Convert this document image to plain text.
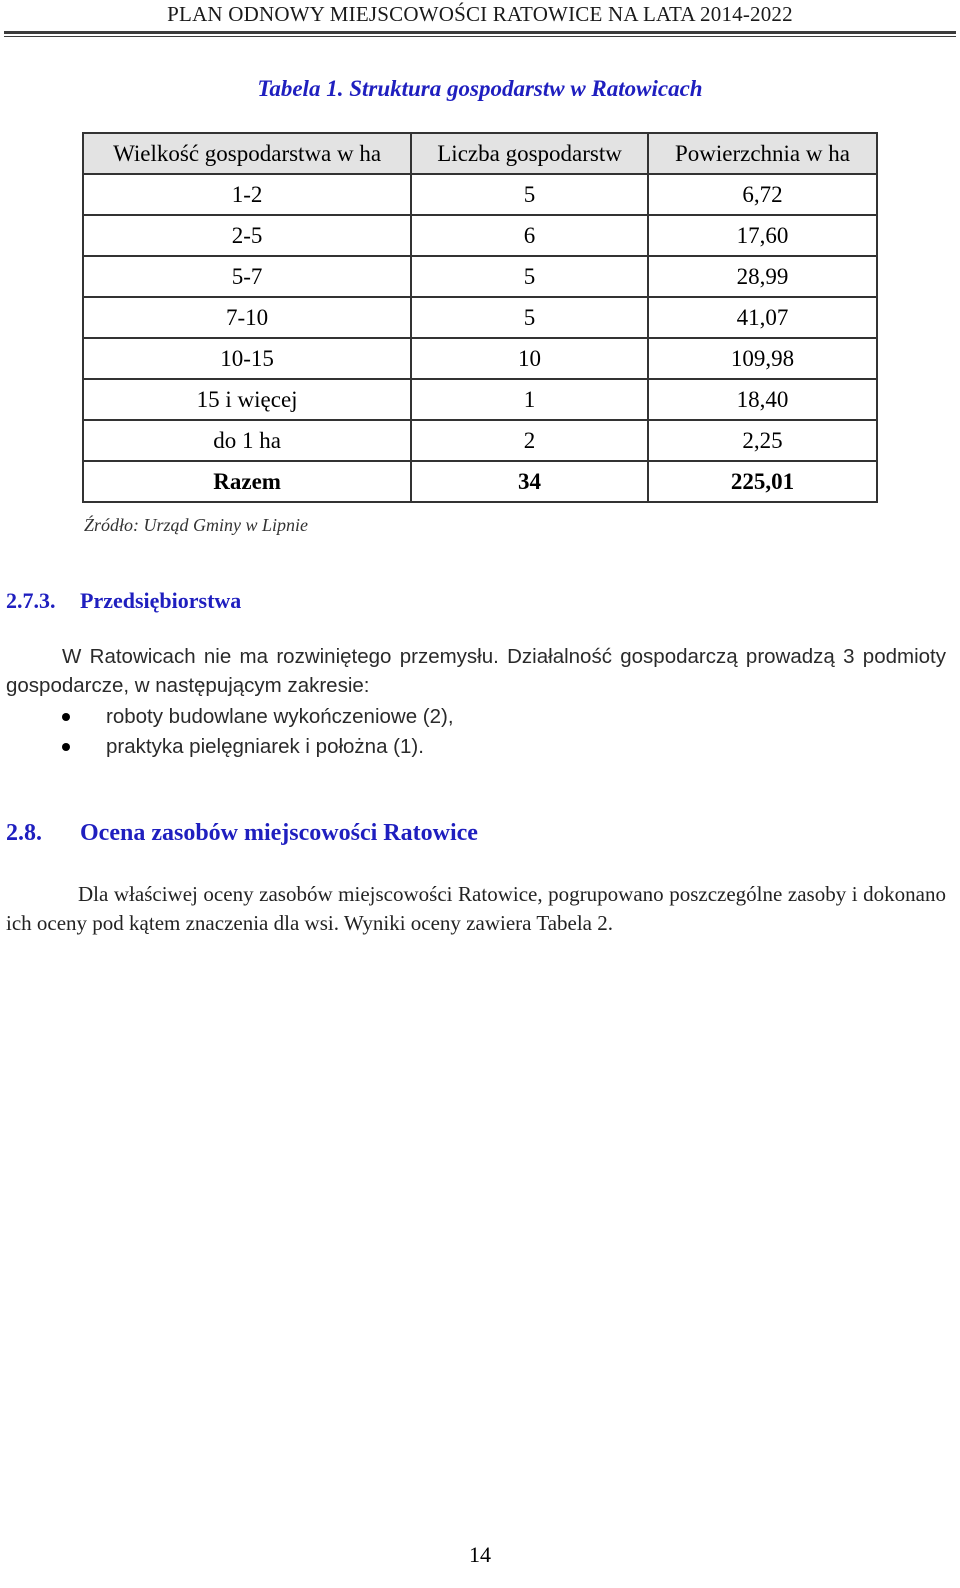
PLAN ODNOWY MIEJSCOWOŚCI RATOWICE NA LATA 2014-2022
Tabela 1. Struktura gospodarstw w Ratowicach
Wielkość gospodarstwa w ha	Liczba gospodarstw	Powierzchnia w ha
1-2	5	6,72
2-5	6	17,60
5-7	5	28,99
7-10	5	41,07
10-15	10	109,98
15 i więcej	1	18,40
do 1 ha	2	2,25
Razem	34	225,01
Źródło: Urząd Gminy w Lipnie
2.7.3. Przedsiębiorstwa
W Ratowicach nie ma rozwiniętego przemysłu. Działalność gospodarczą prowadzą 3 podmioty gospodarcze, w następującym zakresie:
roboty budowlane wykończeniowe (2),
praktyka pielęgniarek i położna (1).
2.8. Ocena zasobów miejscowości Ratowice
Dla właściwej oceny zasobów miejscowości Ratowice, pogrupowano poszczególne zasoby i dokonano ich oceny pod kątem znaczenia dla wsi. Wyniki oceny zawiera Tabela 2.
14
